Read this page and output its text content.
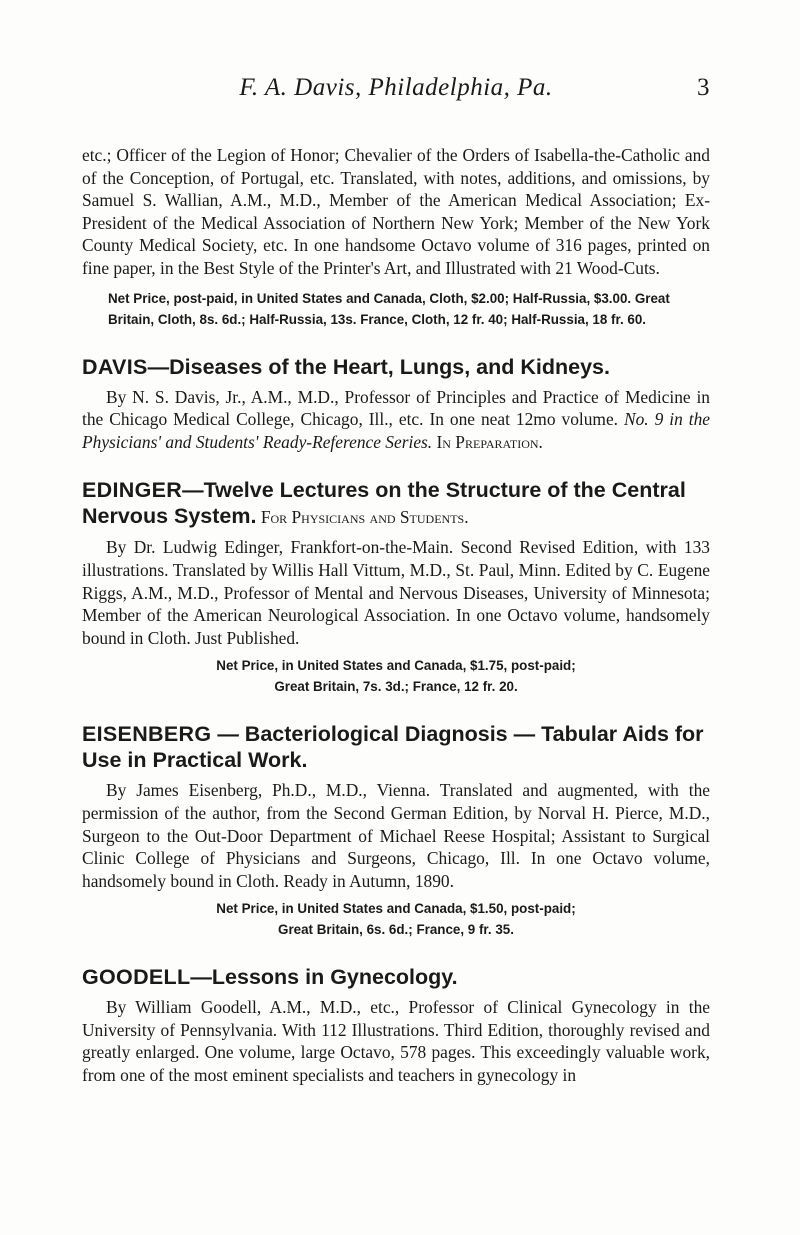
F. A. Davis, Philadelphia, Pa.	3

etc.; Officer of the Legion of Honor; Chevalier of the Orders of Isabella-the-Catholic and of the Conception, of Portugal, etc. Translated, with notes, additions, and omissions, by Samuel S. Wallian, A.M., M.D., Member of the American Medical Association; Ex-President of the Medical Association of Northern New York; Member of the New York County Medical Society, etc. In one handsome Octavo volume of 316 pages, printed on fine paper, in the Best Style of the Printer's Art, and Illustrated with 21 Wood-Cuts.

Net Price, post-paid, in United States and Canada, Cloth, $2.00; Half-Russia, $3.00. Great Britain, Cloth, 8s. 6d.; Half-Russia, 13s. France, Cloth, 12 fr. 40; Half-Russia, 18 fr. 60.

DAVIS—Diseases of the Heart, Lungs, and Kidneys.

By N. S. Davis, Jr., A.M., M.D., Professor of Principles and Practice of Medicine in the Chicago Medical College, Chicago, Ill., etc. In one neat 12mo volume. No. 9 in the Physicians' and Students' Ready-Reference Series. In Preparation.

EDINGER—Twelve Lectures on the Structure of the Central Nervous System. For Physicians and Students.

By Dr. Ludwig Edinger, Frankfort-on-the-Main. Second Revised Edition, with 133 illustrations. Translated by Willis Hall Vittum, M.D., St. Paul, Minn. Edited by C. Eugene Riggs, A.M., M.D., Professor of Mental and Nervous Diseases, University of Minnesota; Member of the American Neurological Association. In one Octavo volume, handsomely bound in Cloth. Just Published.

Net Price, in United States and Canada, $1.75, post-paid;

Great Britain, 7s. 3d.; France, 12 fr. 20.

EISENBERG — Bacteriological Diagnosis — Tabular Aids for Use in Practical Work.

By James Eisenberg, Ph.D., M.D., Vienna. Translated and augmented, with the permission of the author, from the Second German Edition, by Norval H. Pierce, M.D., Surgeon to the Out-Door Department of Michael Reese Hospital; Assistant to Surgical Clinic College of Physicians and Surgeons, Chicago, Ill. In one Octavo volume, handsomely bound in Cloth. Ready in Autumn, 1890.

Net Price, in United States and Canada, $1.50, post-paid;

Great Britain, 6s. 6d.; France, 9 fr. 35.

GOODELL—Lessons in Gynecology.

By William Goodell, A.M., M.D., etc., Professor of Clinical Gynecology in the University of Pennsylvania. With 112 Illustrations. Third Edition, thoroughly revised and greatly enlarged. One volume, large Octavo, 578 pages. This exceedingly valuable work, from one of the most eminent specialists and teachers in gynecology in
